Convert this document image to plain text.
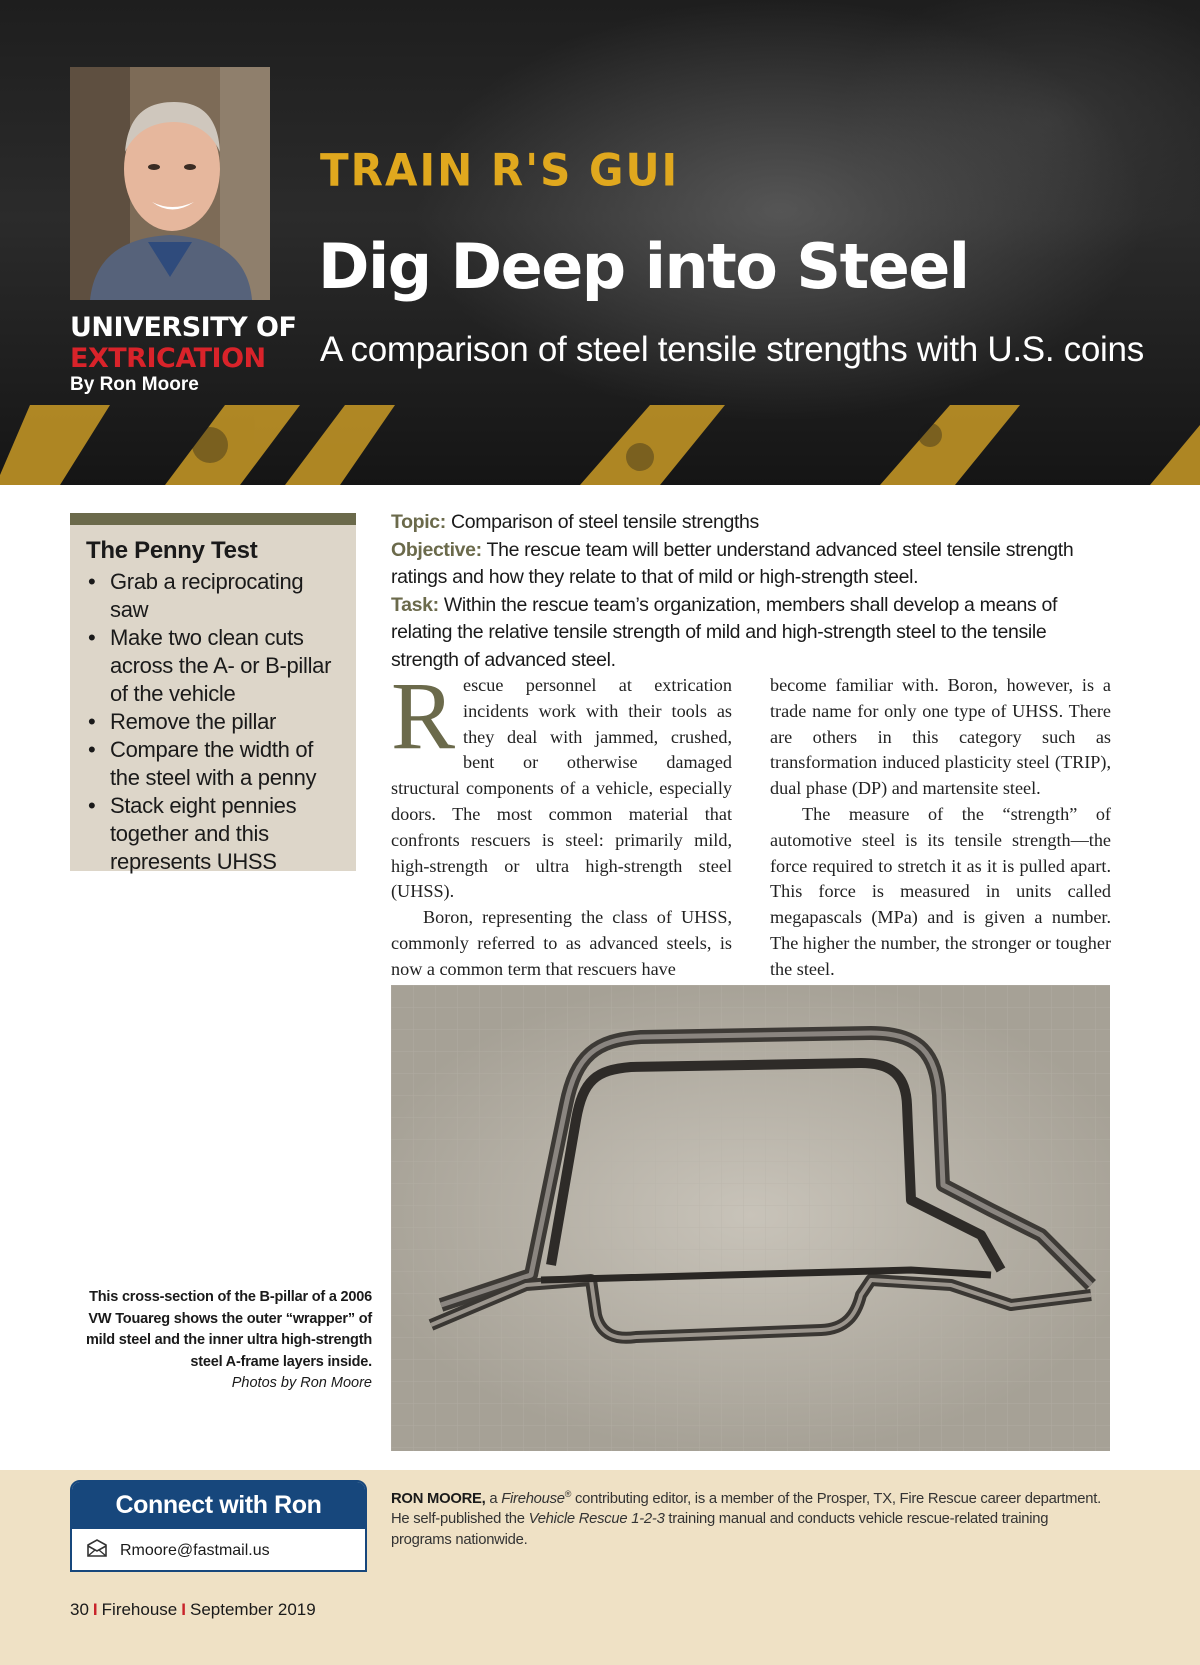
UNIVERSITY OF
EXTRICATION
By Ron Moore
TRAIN R'S GUI
Dig Deep into Steel
A comparison of steel tensile strengths with U.S. coins
The Penny Test
• Grab a reciprocating saw
• Make two clean cuts across the A- or B-pillar of the vehicle
• Remove the pillar
• Compare the width of the steel with a penny
• Stack eight pennies together and this represents UHSS
Topic: Comparison of steel tensile strengths
Objective: The rescue team will better understand advanced steel tensile strength ratings and how they relate to that of mild or high-strength steel.
Task: Within the rescue team’s organization, members shall develop a means of relating the relative tensile strength of mild and high-strength steel to the tensile strength of advanced steel.

Rescue personnel at extrication incidents work with their tools as they deal with jammed, crushed, bent or otherwise damaged structural components of a vehicle, especially doors. The most common material that confronts rescuers is steel: primarily mild, high-strength or ultra high-strength steel (UHSS).

Boron, representing the class of UHSS, commonly referred to as advanced steels, is now a common term that rescuers have

become familiar with. Boron, however, is a trade name for only one type of UHSS. There are others in this category such as transformation induced plasticity steel (TRIP), dual phase (DP) and martensite steel.

The measure of the “strength” of automotive steel is its tensile strength—the force required to stretch it as it is pulled apart. This force is measured in units called megapascals (MPa) and is given a number. The higher the number, the stronger or tougher the steel.

This cross-section of the B-pillar of a 2006 VW Touareg shows the outer “wrapper” of mild steel and the inner ultra high-strength steel A-frame layers inside.
Photos by Ron Moore
Connect with Ron
Rmoore@fastmail.us
RON MOORE, a Firehouse® contributing editor, is a member of the Prosper, TX, Fire Rescue career department. He self-published the Vehicle Rescue 1-2-3 training manual and conducts vehicle rescue-related training programs nationwide.
30 I Firehouse I September 2019
